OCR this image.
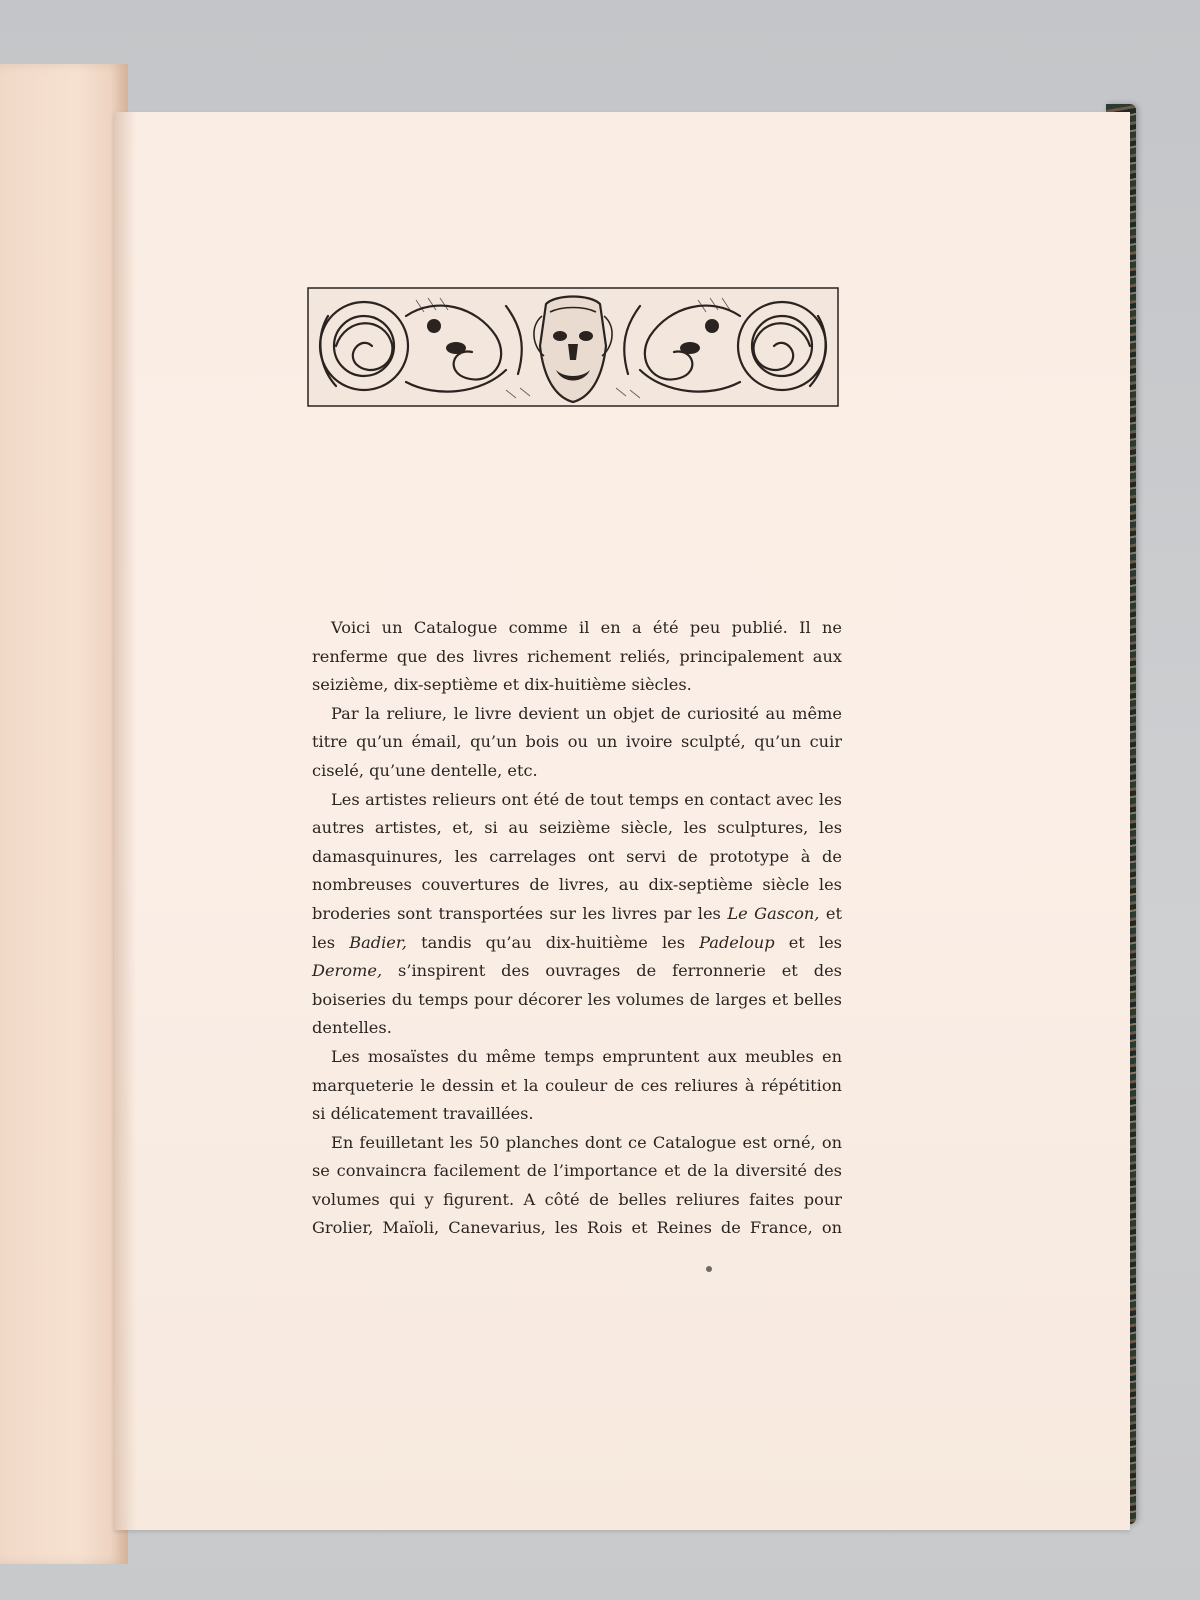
Voici un Catalogue comme il en a été peu publié. Il ne renferme que des livres richement reliés, principalement aux seizième, dix-septième et dix-huitième siècles.

Par la reliure, le livre devient un objet de curiosité au même titre qu’un émail, qu’un bois ou un ivoire sculpté, qu’un cuir ciselé, qu’une dentelle, etc.

Les artistes relieurs ont été de tout temps en contact avec les autres artistes, et, si au seizième siècle, les sculptures, les damasquinures, les carrelages ont servi de prototype à de nombreuses couvertures de livres, au dix-septième siècle les broderies sont transportées sur les livres par les Le Gascon, et les Badier, tandis qu’au dix-huitième les Padeloup et les Derome, s’inspirent des ouvrages de ferronnerie et des boiseries du temps pour décorer les volumes de larges et belles dentelles.

Les mosaïstes du même temps empruntent aux meubles en marqueterie le dessin et la couleur de ces reliures à répétition si délicatement travaillées.

En feuilletant les 50 planches dont ce Catalogue est orné, on se convaincra facilement de l’importance et de la diversité des volumes qui y figurent. A côté de belles reliures faites pour Grolier, Maïoli, Canevarius, les Rois et Reines de France, on
